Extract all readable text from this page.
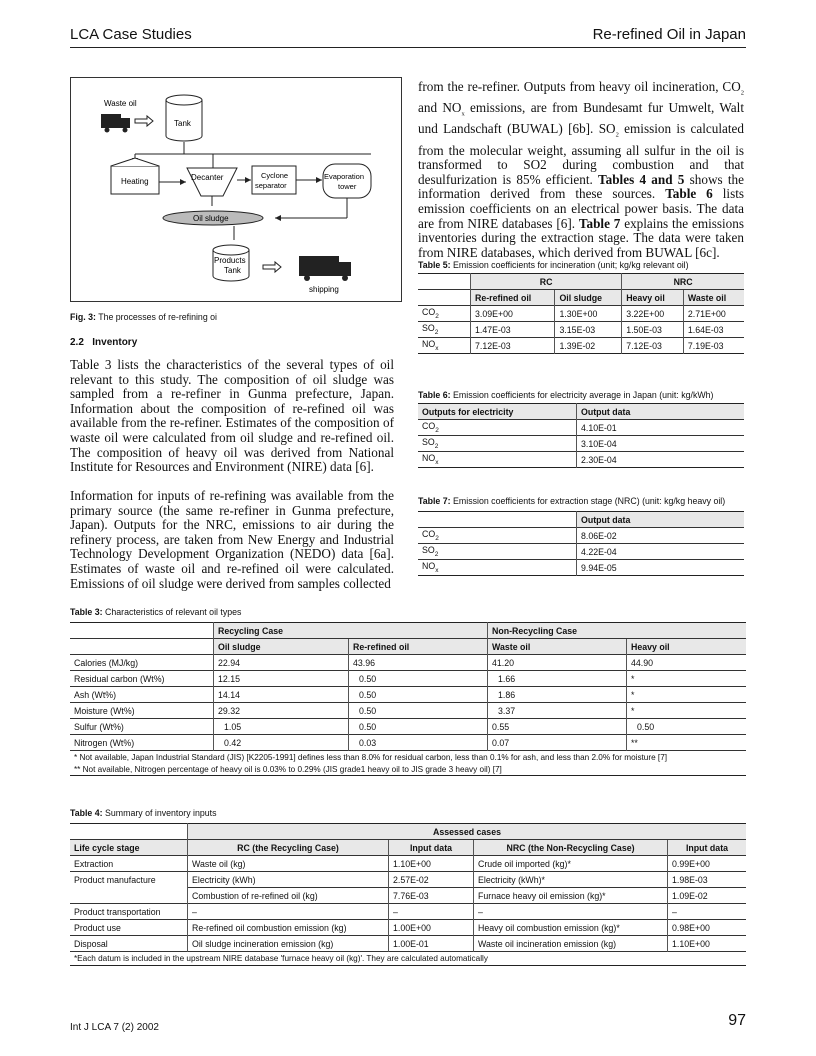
LCA Case Studies	Re-refined Oil in Japan
Waste oil
Tank
Heating	Decanter	Cyclone
separator
Evaporation
tower
Oil sludge
Products
Tank
shipping
Fig. 3: The processes of re-refining oi
2.2 Inventory

Table 3 lists the characteristics of the several types of oil relevant to this study. The composition of oil sludge was sampled from a re-refiner in Gunma prefecture, Japan. Information about the composition of re-refined oil was available from the re-refiner. Estimates of the composition of waste oil were calculated from oil sludge and re-refined oil. The composition of heavy oil was derived from National Institute for Resources and Environment (NIRE) data [6].

Information for inputs of re-refining was available from the primary source (the same re-refiner in Gunma prefecture, Japan). Outputs for the NRC, emissions to air during the refinery process, are taken from New Energy and Industrial Technology Development Organization (NEDO) data [6a]. Estimates of waste oil and re-refined oil were calculated. Emissions of oil sludge were derived from samples collected

from the re-refiner. Outputs from heavy oil incineration, $CO_2$ and $NO_x$ emissions, are from Bundesamt fur Umwelt, Walt und Landschaft (BUWAL) [6b]. $SO_2$ emission is calculated from the molecular weight, assuming all sulfur in the oil is transformed to SO2 during combustion and that desulfurization is 85% efficient. Tables 4 and 5 shows the information derived from these sources. Table 6 lists emission coefficients on an electrical power basis. The data are from NIRE databases [6]. Table 7 explains the emissions inventories during the extraction stage. The data were taken from NIRE databases, which derived from BUWAL [6c].

Table 5: Emission coefficients for incineration (unit; kg/kg relevant oil)
	RC		NRC	
	Re-refined oil	Oil sludge	Heavy oil	Waste oil
$CO_2$	3.09E+00	1.30E+00	3.22E+00	2.71E+00
$SO_2$	1.47E-03	3.15E-03	1.50E-03	1.64E-03
$NO_x$	7.12E-03	1.39E-02	7.12E-03	7.19E-03
Table 6: Emission coefficients for electricity average in Japan (unit: kg/kWh)
Outputs for electricity	Output data
$CO_2$	4.10E-01
$SO_2$	3.10E-04
$NO_x$	2.30E-04
Table 7: Emission coefficients for extraction stage (NRC) (unit: kg/kg heavy oil)
	Output data
$CO_2$	8.06E-02
$SO_2$	4.22E-04
$NO_x$	9.94E-05
Table 3: Characteristics of relevant oil types
	Recycling Case		Non-Recycling Case	
	Oil sludge	Re-refined oil	Waste oil	Heavy oil
Calories (MJ/kg)	22.94	43.96	41.20	44.90
Residual carbon (Wt%)	12.15	0.50	1.66	*
Ash (Wt%)	14.14	0.50	1.86	*
Moisture (Wt%)	29.32	0.50	3.37	*
Sulfur (Wt%)	1.05	0.50	0.55	0.50
Nitrogen (Wt%)	0.42	0.03	0.07	**
* Not available, Japan Industrial Standard (JIS) [K2205-1991] defines less than 8.0% for residual carbon, less than 0.1% for ash, and less than 2.0% for moisture [7]				
** Not available, Nitrogen percentage of heavy oil is 0.03% to 0.29% (JIS grade1 heavy oil to JIS grade 3 heavy oil) [7]				
Table 4: Summary of inventory inputs
	Assessed cases			
Life cycle stage	RC (the Recycling Case)	Input data	NRC (the Non-Recycling Case)	Input data
Extraction	Waste oil (kg)	1.10E+00	Crude oil imported (kg)*	0.99E+00
Product manufacture	Electricity (kWh)	2.57E-02	Electricity (kWh)*	1.98E-03
	Combustion of re-refined oil (kg)	7.76E-03	Furnace heavy oil emission (kg)*	1.09E-02
Product transportation	–	–	–	–
Product use	Re-refined oil combustion emission (kg)	1.00E+00	Heavy oil combustion emission (kg)*	0.98E+00
Disposal	Oil sludge incineration emission (kg)	1.00E-01	Waste oil incineration emission (kg)	1.10E+00
*Each datum is included in the upstream NIRE database 'furnace heavy oil (kg)'. They are calculated automatically				
Int J LCA 7 (2) 2002	97
